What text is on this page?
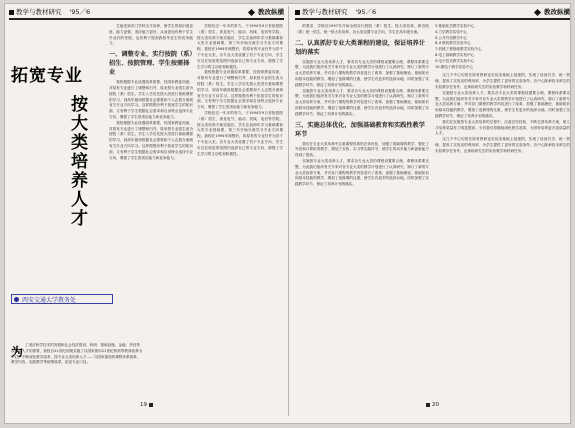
教学与教材研究 '95／6	教改纵横
拓宽专业
按大类培养人才
西安交通大学教务处
为 了适应科学技术的发展和社会经济建设、科研、基础设施、金融、外经等领域对人才的需要，我校自21世纪初就实施了以国家面向21世纪的高等教育改革为中心，不断深化教学改革，按专业大类培养人才……与国家重视的课程体系改革、教学内容、实践教学等统筹改革，拓宽专业口径。

生能受到多门学科交叉培养，使学生的知识面更宽，能力更强，适应能力更好，从而更加有利于学生毕业后的发展，也有利于提高我校毕业生的竞争能力。

一、调整专业，实行按院（系）招生、按院管理、学生按需择业

我校根据专业设置改革需要，经国家教委同意，对原有专业进行了调整和归并，原来按专业招生改为按院（系）招生。学生入学后先按大类进行基础课程的学习，到高年级再根据社会需要和个人志愿分流到有关专业方向学习。这样做既有利于拓宽学生的知识面，又有利于学生根据社会需求和自身特点选择专业方向，增强了学生的适应能力和竞争能力。

我校根据专业设置改革需要，经国家教委同意，对原有专业进行了调整和归并，原来按专业招生改为按院（系）招生。学生入学后先按大类进行基础课程的学习，到高年级再根据社会需要和个人志愿分流到有关专业方向学习。这样做既有利于拓宽学生的知识面，又有利于学生根据社会需求和自身特点选择专业方向，增强了学生的适应能力和竞争能力。

学校经过一年多的努力，于1994年9月首批按院（系）招生，涉及电气、能动、机械、电信等学院。按大类培养方案实施后，学生在前两年学习基础课和大类专业基础课，第三年开始分流学习专业方向课程。我校在1994年调整后，将原有的专业归并为若干个专业大类，各专业大类设置了若干专业方向，学生可以在较宽的范围内选择自己的专业方向，增强了学生学习的主动性和积极性。

我校根据专业设置改革需要，经国家教委同意，对原有专业进行了调整和归并，原来按专业招生改为按院（系）招生。学生入学后先按大类进行基础课程的学习，到高年级再根据社会需要和个人志愿分流到有关专业方向学习。这样做既有利于拓宽学生的知识面，又有利于学生根据社会需求和自身特点选择专业方向，增强了学生的适应能力和竞争能力。

学校经过一年多的努力，于1994年9月首批按院（系）招生，涉及电气、能动、机械、电信等学院。按大类培养方案实施后，学生在前两年学习基础课和大类专业基础课，第三年开始分流学习专业方向课程。我校在1994年调整后，将原有的专业归并为若干个专业大类，各专业大类设置了若干专业方向，学生可以在较宽的范围内选择自己的专业方向，增强了学生学习的主动性和积极性。

19
教学与教材研究 '95／6	教改纵横

的要求，学校在1997年开始全面实行按院（系）招生、按大类培养，即各院（系）统一招生，统一按大类培养，各大类设置专业方向，学生在高年级分流。

二、认真抓好专业大类课程的建设，保证培养计划的落实

实施按专业大类培养人才，要求各专业大类的课程设置要合理，课程体系要完整，为此我们组织有关专家对各专业大类的教学计划进行了认真研究，制订了新的专业大类培养方案，并对各门课程的教学内容进行了改革，加强了基础理论、基础知识和基本技能的教学，增加了选修课的比重，使学生有更多的选择余地。同时加强了实践教学环节，保证了培养计划的落实。

实施按专业大类培养人才，要求各专业大类的课程设置要合理，课程体系要完整，为此我们组织有关专家对各专业大类的教学计划进行了认真研究，制订了新的专业大类培养方案，并对各门课程的教学内容进行了改革，加强了基础理论、基础知识和基本技能的教学，增加了选修课的比重，使学生有更多的选择余地。同时加强了实践教学环节，保证了培养计划的落实。

三、实施总体优化，加强基础教育和实践性教学环节

我们在专业大类培养中注重课程体系的总体优化，加强了基础课的教学，强化了外语和计算机的教学，增加了实验、实习等实践环节，使学生的动手能力和创新能力得到了提高。

实施按专业大类培养人才，要求各专业大类的课程设置要合理，课程体系要完整，为此我们组织有关专家对各专业大类的教学计划进行了认真研究，制订了新的专业大类培养方案，并对各门课程的教学内容进行了改革，加强了基础理论、基础知识和基本技能的教学，增加了选修课的比重，使学生有更多的选择余地。同时加强了实践教学环节，保证了培养计划的落实。

3.基础化学教学实验中心
4.力学教学实验中心
5.公共外语教学中心
6.计算机教学实验中心
7.机械工程基础教学实验中心
8.电工基础教学实验中心
9.电子技术教学实验中心
10.微电子教学实验中心

这几个中心均是在原有教研室实验室基础上组建的，实现了设备共享、统一管理，提高了实验室的利用率，为学生提供了更好的实验条件。各中心除承担本科生的实验教学任务外，还承担研究生的实验教学和科研任务。

实施按专业大类培养人才，要求各专业大类的课程设置要合理，课程体系要完整，为此我们组织有关专家对各专业大类的教学计划进行了认真研究，制订了新的专业大类培养方案，并对各门课程的教学内容进行了改革，加强了基础理论、基础知识和基本技能的教学，增加了选修课的比重，使学生有更多的选择余地。同时加强了实践教学环节，保证了培养计划的落实。

我们在实施按专业大类培养的过程中，注意总结经验，不断完善培养方案，使人才培养质量有了明显提高。今后我们将继续深化教学改革，为国家培养更多高质量的人才。

这几个中心均是在原有教研室实验室基础上组建的，实现了设备共享、统一管理，提高了实验室的利用率，为学生提供了更好的实验条件。各中心除承担本科生的实验教学任务外，还承担研究生的实验教学和科研任务。

20
